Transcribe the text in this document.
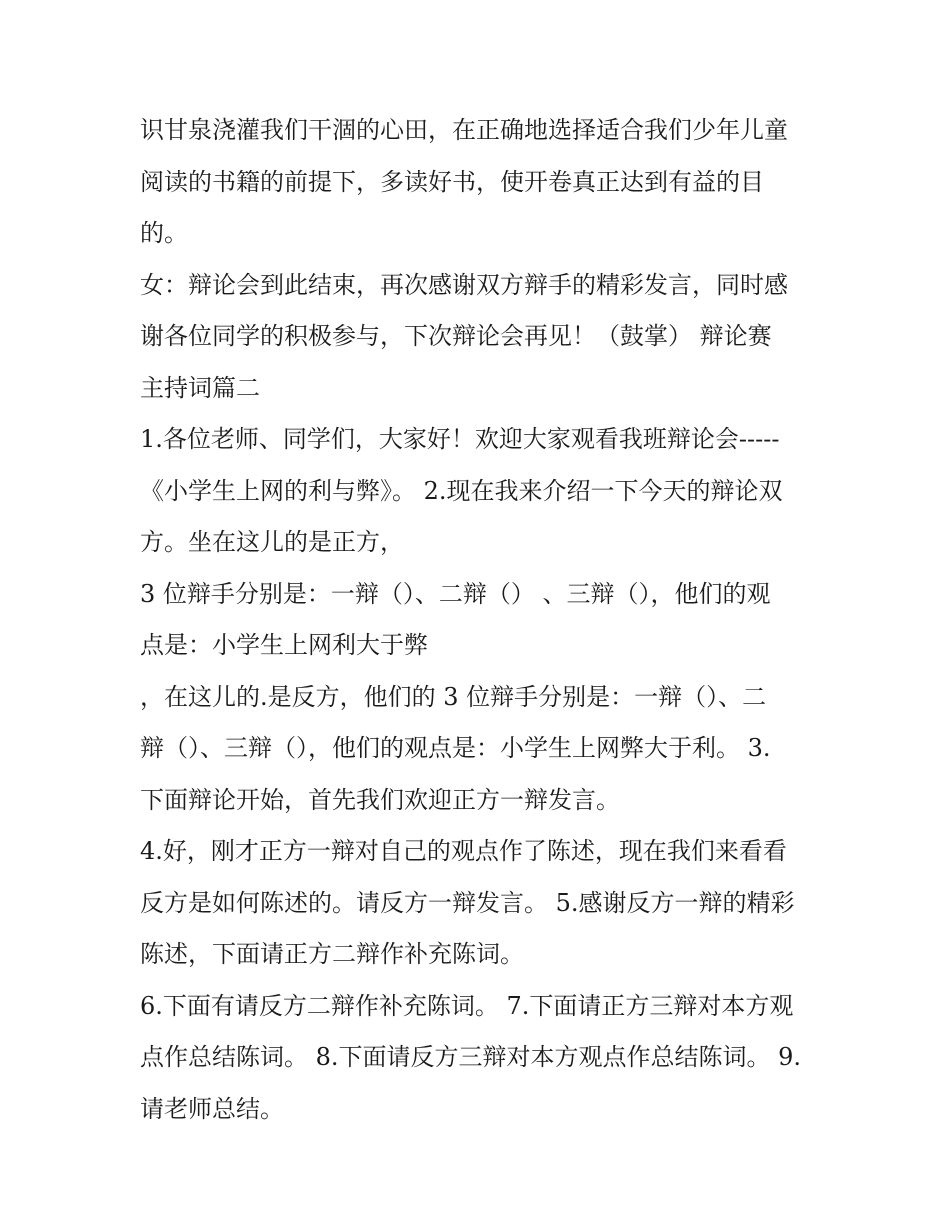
识甘泉浇灌我们干涸的心田，在正确地选择适合我们少年儿童
阅读的书籍的前提下，多读好书，使开卷真正达到有益的目
的。
女：辩论会到此结束，再次感谢双方辩手的精彩发言，同时感
谢各位同学的积极参与，下次辩论会再见！（鼓掌） 辩论赛
主持词篇二
1.各位老师、同学们，大家好！欢迎大家观看我班辩论会-----
《小学生上网的利与弊》。 2.现在我来介绍一下今天的辩论双
方。坐在这儿的是正方，
3 位辩手分别是：一辩（）、二辩（） 、三辩（），他们的观
点是：小学生上网利大于弊
，在这儿的.是反方，他们的 3 位辩手分别是：一辩（）、二
辩（）、三辩（），他们的观点是：小学生上网弊大于利。 3.
下面辩论开始，首先我们欢迎正方一辩发言。
4.好，刚才正方一辩对自己的观点作了陈述，现在我们来看看
反方是如何陈述的。请反方一辩发言。 5.感谢反方一辩的精彩
陈述，下面请正方二辩作补充陈词。
6.下面有请反方二辩作补充陈词。 7.下面请正方三辩对本方观
点作总结陈词。 8.下面请反方三辩对本方观点作总结陈词。 9.
请老师总结。
